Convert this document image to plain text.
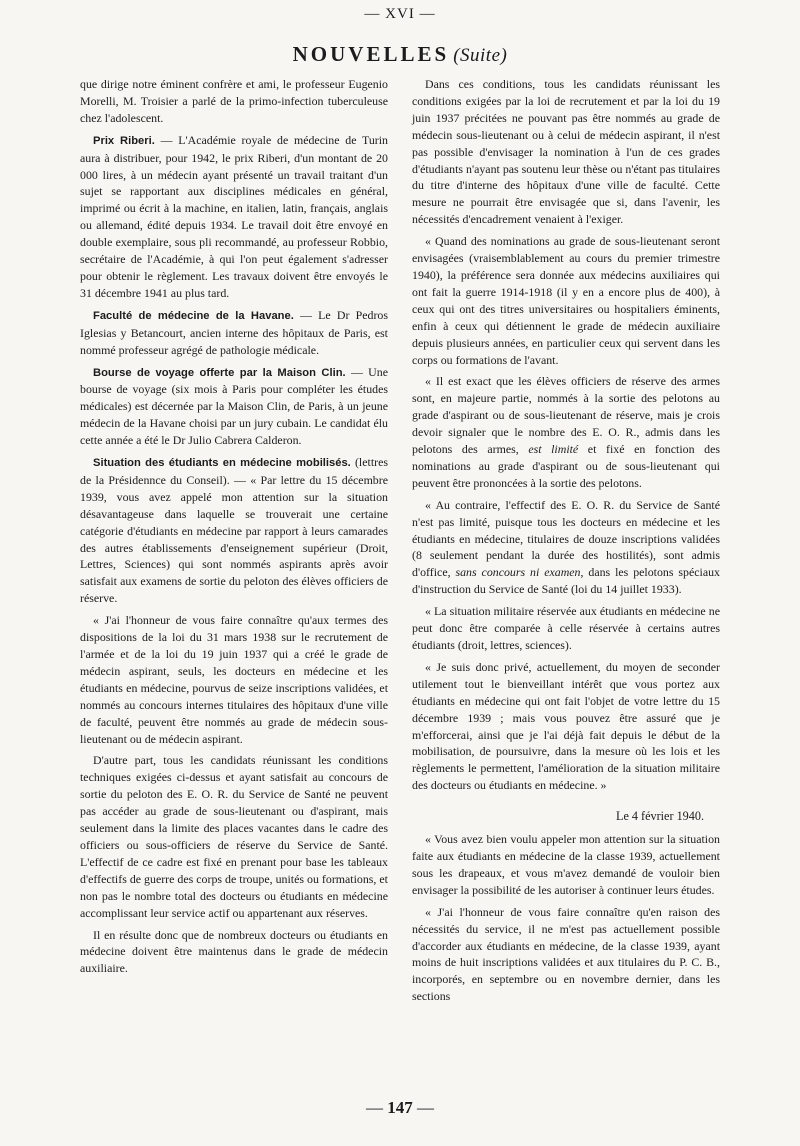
— XVI —
NOUVELLES (Suite)

que dirige notre éminent confrère et ami, le professeur Eugenio Morelli, M. Troisier a parlé de la primo-infection tuberculeuse chez l'adolescent.

Prix Riberi. — L'Académie royale de médecine de Turin aura à distribuer, pour 1942, le prix Riberi, d'un montant de 20 000 lires, à un médecin ayant présenté un travail traitant d'un sujet se rapportant aux disciplines médicales en général, imprimé ou écrit à la machine, en italien, latin, français, anglais ou allemand, édité depuis 1934. Le travail doit être envoyé en double exemplaire, sous pli recommandé, au professeur Robbio, secrétaire de l'Académie, à qui l'on peut également s'adresser pour obtenir le règlement. Les travaux doivent être envoyés le 31 décembre 1941 au plus tard.

Faculté de médecine de la Havane. — Le Dr Pedros Iglesias y Betancourt, ancien interne des hôpitaux de Paris, est nommé professeur agrégé de pathologie médicale.

Bourse de voyage offerte par la Maison Clin. — Une bourse de voyage (six mois à Paris pour compléter les études médicales) est décernée par la Maison Clin, de Paris, à un jeune médecin de la Havane choisi par un jury cubain. Le candidat élu cette année a été le Dr Julio Cabrera Calderon.

Situation des étudiants en médecine mobilisés. (lettres de la Présidennce du Conseil). — « Par lettre du 15 décembre 1939, vous avez appelé mon attention sur la situation désavantageuse dans laquelle se trouverait une certaine catégorie d'étudiants en médecine par rapport à leurs camarades des autres établissements d'enseignement supérieur (Droit, Lettres, Sciences) qui sont nommés aspirants après avoir satisfait aux examens de sortie du peloton des élèves officiers de réserve.

« J'ai l'honneur de vous faire connaître qu'aux termes des dispositions de la loi du 31 mars 1938 sur le recrutement de l'armée et de la loi du 19 juin 1937 qui a créé le grade de médecin aspirant, seuls, les docteurs en médecine et les étudiants en médecine, pourvus de seize inscriptions validées, et nommés au concours internes titulaires des hôpitaux d'une ville de faculté, peuvent être nommés au grade de médecin sous-lieutenant ou de médecin aspirant.

D'autre part, tous les candidats réunissant les conditions techniques exigées ci-dessus et ayant satisfait au concours de sortie du peloton des E. O. R. du Service de Santé ne peuvent pas accéder au grade de sous-lieutenant ou d'aspirant, mais seulement dans la limite des places vacantes dans le cadre des officiers ou sous-officiers de réserve du Service de Santé. L'effectif de ce cadre est fixé en prenant pour base les tableaux d'effectifs de guerre des corps de troupe, unités ou formations, et non pas le nombre total des docteurs ou étudiants en médecine accomplissant leur service actif ou appartenant aux réserves.

Il en résulte donc que de nombreux docteurs ou étudiants en médecine doivent être maintenus dans le grade de médecin auxiliaire.

Dans ces conditions, tous les candidats réunissant les conditions exigées par la loi de recrutement et par la loi du 19 juin 1937 précitées ne pouvant pas être nommés au grade de médecin sous-lieutenant ou à celui de médecin aspirant, il n'est pas possible d'envisager la nomination à l'un de ces grades d'étudiants n'ayant pas soutenu leur thèse ou n'étant pas titulaires du titre d'interne des hôpitaux d'une ville de faculté. Cette mesure ne pourrait être envisagée que si, dans l'avenir, les nécessités d'encadrement venaient à l'exiger.

« Quand des nominations au grade de sous-lieutenant seront envisagées (vraisemblablement au cours du premier trimestre 1940), la préférence sera donnée aux médecins auxiliaires qui ont fait la guerre 1914-1918 (il y en a encore plus de 400), à ceux qui ont des titres universitaires ou hospitaliers éminents, enfin à ceux qui détiennent le grade de médecin auxiliaire depuis plusieurs années, en particulier ceux qui servent dans les corps ou formations de l'avant.

« Il est exact que les élèves officiers de réserve des armes sont, en majeure partie, nommés à la sortie des pelotons au grade d'aspirant ou de sous-lieutenant de réserve, mais je crois devoir signaler que le nombre des E. O. R., admis dans les pelotons des armes, est limité et fixé en fonction des nominations au grade d'aspirant ou de sous-lieutenant qui peuvent être prononcées à la sortie des pelotons.

« Au contraire, l'effectif des E. O. R. du Service de Santé n'est pas limité, puisque tous les docteurs en médecine et les étudiants en médecine, titulaires de douze inscriptions validées (8 seulement pendant la durée des hostilités), sont admis d'office, sans concours ni examen, dans les pelotons spéciaux d'instruction du Service de Santé (loi du 14 juillet 1933).

« La situation militaire réservée aux étudiants en médecine ne peut donc être comparée à celle réservée à certains autres étudiants (droit, lettres, sciences).

« Je suis donc privé, actuellement, du moyen de seconder utilement tout le bienveillant intérêt que vous portez aux étudiants en médecine qui ont fait l'objet de votre lettre du 15 décembre 1939 ; mais vous pouvez être assuré que je m'efforcerai, ainsi que je l'ai déjà fait depuis le début de la mobilisation, de poursuivre, dans la mesure où les lois et les règlements le permettent, l'amélioration de la situation militaire des docteurs ou étudiants en médecine. »

Le 4 février 1940.

« Vous avez bien voulu appeler mon attention sur la situation faite aux étudiants en médecine de la classe 1939, actuellement sous les drapeaux, et vous m'avez demandé de vouloir bien envisager la possibilité de les autoriser à continuer leurs études.

« J'ai l'honneur de vous faire connaître qu'en raison des nécessités du service, il ne m'est pas actuellement possible d'accorder aux étudiants en médecine, de la classe 1939, ayant moins de huit inscriptions validées et aux titulaires du P. C. B., incorporés, en septembre ou en novembre dernier, dans les sections

— 147 —
